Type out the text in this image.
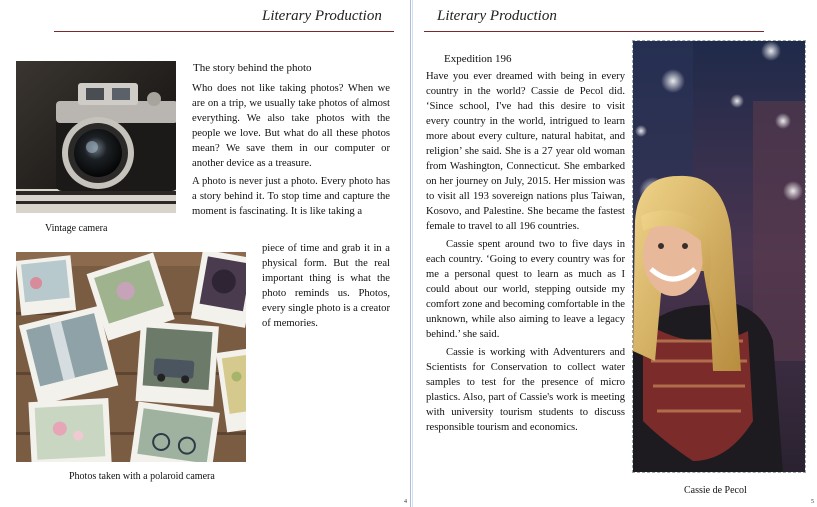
Literary Production
Vintage camera
Photos taken with a polaroid camera
The story behind the photo

Who does not like taking photos? When we are on a trip, we usually take photos of almost everything. We also take photos with the people we love. But what do all these photos mean? We save them in our computer or another device as a treasure.

A photo is never just a photo. Every photo has a story behind it. To stop time and capture the moment is fascinating. It is like taking a

piece of time and grab it in a physical form. But the real important thing is what the photo reminds us. Photos, every single photo is a creator of memories.

4
Literary Production
Expedition 196

Have you ever dreamed with being in every country in the world? Cassie de Pecol did. ‘Since school, I've had this desire to visit every country in the world, intrigued to learn more about every culture, natural habitat, and religion’ she said. She is a 27 year old woman from Washington, Connecticut. She embarked on her journey on July, 2015. Her mission was to visit all 193 sovereign nations plus Taiwan, Kosovo, and Palestine. She became the fastest female to travel to all 196 countries.

Cassie spent around two to five days in each country. ‘Going to every country was for me a personal quest to learn as much as I could about our world, stepping outside my comfort zone and becoming comfortable in the unknown, while also aiming to leave a legacy behind.’ she said.

Cassie is working with Adventurers and Scientists for Conservation to collect water samples to test for the presence of micro plastics. Also, part of Cassie's work is meeting with university tourism students to discuss responsible tourism and economics.

Cassie de Pecol
5
